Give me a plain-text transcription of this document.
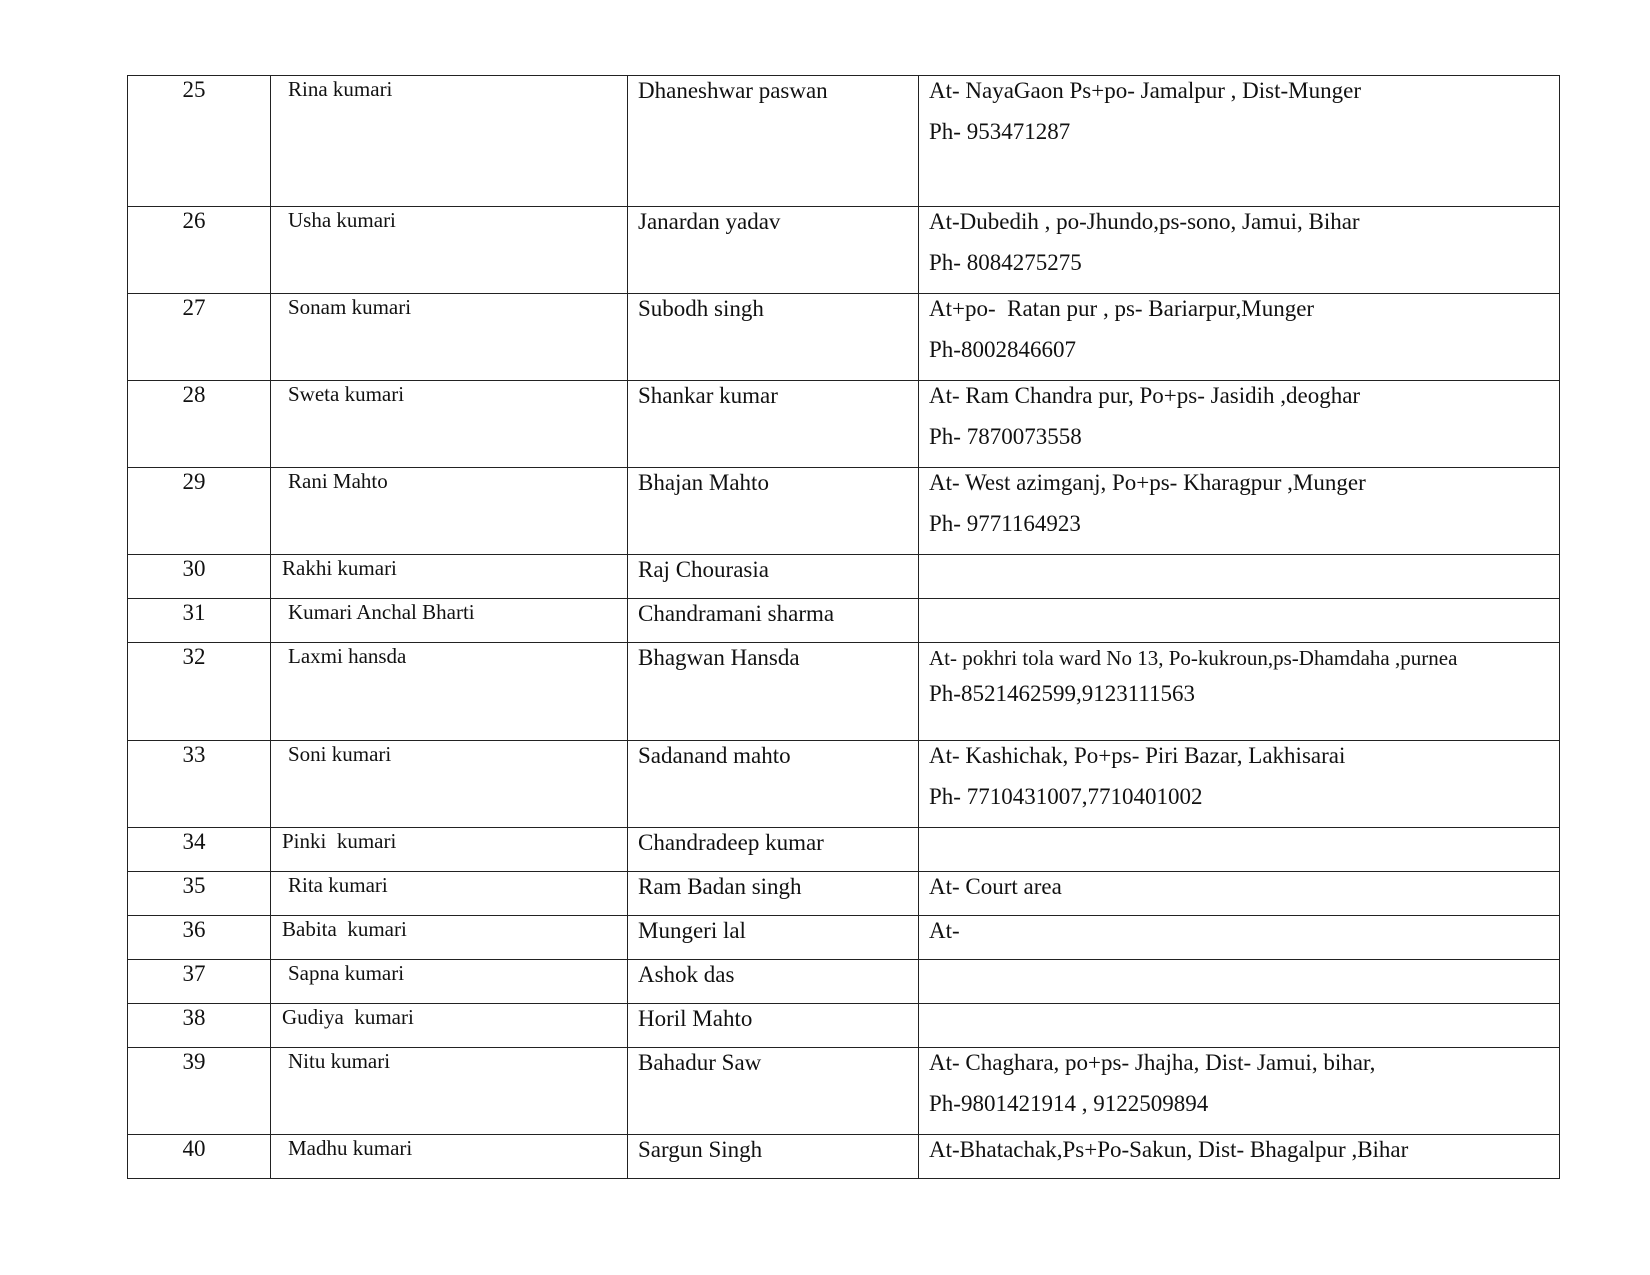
25	Rina kumari	Dhaneshwar paswan	At- NayaGaon Ps+po- Jamalpur , Dist-Munger
Ph- 953471287

26	Usha kumari	Janardan yadav	At-Dubedih , po-Jhundo,ps-sono, Jamui, Bihar
Ph- 8084275275

27	Sonam kumari	Subodh singh	At+po-  Ratan pur , ps- Bariarpur,Munger
Ph-8002846607

28	Sweta kumari	Shankar kumar	At- Ram Chandra pur, Po+ps- Jasidih ,deoghar
Ph- 7870073558

29	Rani Mahto	Bhajan Mahto	At- West azimganj, Po+ps- Kharagpur ,Munger
Ph- 9771164923

30	Rakhi kumari	Raj Chourasia	

31	Kumari Anchal Bharti	Chandramani sharma	

32	Laxmi hansda	Bhagwan Hansda	At- pokhri tola ward No 13, Po-kukroun,ps-Dhamdaha ,purnea
Ph-8521462599,9123111563

33	Soni kumari	Sadanand mahto	At- Kashichak, Po+ps- Piri Bazar, Lakhisarai
Ph- 7710431007,7710401002

34	Pinki  kumari	Chandradeep kumar	

35	Rita kumari	Ram Badan singh	At- Court area

36	Babita  kumari	Mungeri lal	At-

37	Sapna kumari	Ashok das	

38	Gudiya  kumari	Horil Mahto	

39	Nitu kumari	Bahadur Saw	At- Chaghara, po+ps- Jhajha, Dist- Jamui, bihar,
Ph-9801421914 , 9122509894

40	Madhu kumari	Sargun Singh	At-Bhatachak,Ps+Po-Sakun, Dist- Bhagalpur ,Bihar
